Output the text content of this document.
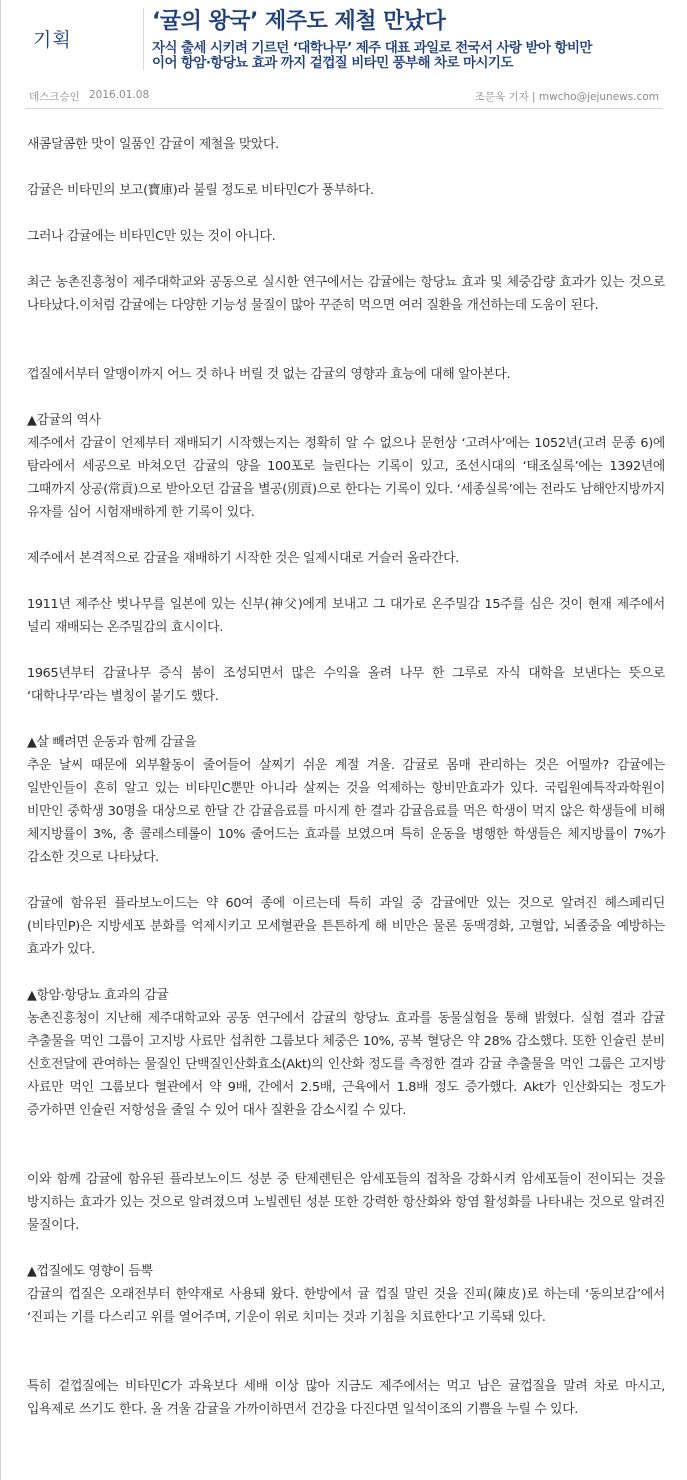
기획
‘귤의 왕국’ 제주도 제철 만났다
자식 출세 시키려 기르던 ‘대학나무’ 제주 대표 과일로 전국서 사랑 받아 항비만
이어 항암·항당뇨 효과 까지 겉껍질 비타민 풍부해 차로 마시기도
데스크승인 2016.01.08	조문욱 기자 | mwcho@jejunews.com

새콤달콤한 맛이 일품인 감귤이 제철을 맞았다.

감귤은 비타민의 보고(寶庫)라 불릴 정도로 비타민C가 풍부하다.

그러나 감귤에는 비타민C만 있는 것이 아니다.

최근 농촌진흥청이 제주대학교와 공동으로 실시한 연구에서는 감귤에는 항당뇨 효과 및 체중감량 효과가 있는 것으로 나타났다.이처럼 감귤에는 다양한 기능성 물질이 많아 꾸준히 먹으면 여러 질환을 개선하는데 도움이 된다.

껍질에서부터 알맹이까지 어느 것 하나 버릴 것 없는 감귤의 영향과 효능에 대해 알아본다.

▲감귤의 역사

제주에서 감귤이 언제부터 재배되기 시작했는지는 정확히 알 수 없으나 문헌상 ‘고려사’에는 1052년(고려 문종 6)에 탐라에서 세공으로 바쳐오던 감귤의 양을 100포로 늘린다는 기록이 있고, 조선시대의 ‘태조실록’에는 1392년에 그때까지 상공(常貢)으로 받아오던 감귤을 별공(別貢)으로 한다는 기록이 있다. ‘세종실록’에는 전라도 남해안지방까지 유자를 심어 시험재배하게 한 기록이 있다.

제주에서 본격적으로 감귤을 재배하기 시작한 것은 일제시대로 거슬러 올라간다.

1911년 제주산 벚나무를 일본에 있는 신부(神父)에게 보내고 그 대가로 온주밀감 15주를 심은 것이 현재 제주에서 널리 재배되는 온주밀감의 효시이다.

1965년부터 감귤나무 증식 붐이 조성되면서 많은 수익을 올려 나무 한 그루로 자식 대학을 보낸다는 뜻으로 ‘대학나무’라는 별칭이 붙기도 했다.

▲살 빼려면 운동과 함께 감귤을

추운 날씨 때문에 외부활동이 줄어들어 살찌기 쉬운 계절 겨울. 감귤로 몸매 관리하는 것은 어떨까? 감귤에는 일반인들이 흔히 알고 있는 비타민C뿐만 아니라 살찌는 것을 억제하는 항비만효과가 있다. 국립원예특작과학원이 비만인 중학생 30명을 대상으로 한달 간 감귤음료를 마시게 한 결과 감귤음료를 먹은 학생이 먹지 않은 학생들에 비해 체지방률이 3%, 총 콜레스테롤이 10% 줄어드는 효과를 보였으며 특히 운동을 병행한 학생들은 체지방률이 7%가 감소한 것으로 나타났다.

감귤에 함유된 플라보노이드는 약 60여 종에 이르는데 특히 과일 중 감귤에만 있는 것으로 알려진 헤스페리딘(비타민P)은 지방세포 분화를 억제시키고 모세혈관을 튼튼하게 해 비만은 물론 동맥경화, 고혈압, 뇌졸중을 예방하는 효과가 있다.

▲항암·항당뇨 효과의 감귤

농촌진흥청이 지난해 제주대학교와 공동 연구에서 감귤의 항당뇨 효과를 동물실험을 통해 밝혔다. 실험 결과 감귤 추출물을 먹인 그룹이 고지방 사료만 섭취한 그룹보다 체중은 10%, 공복 혈당은 약 28% 감소했다. 또한 인슐린 분비 신호전달에 관여하는 물질인 단백질인산화효소(Akt)의 인산화 정도를 측정한 결과 감귤 추출물을 먹인 그룹은 고지방 사료만 먹인 그룹보다 혈관에서 약 9배, 간에서 2.5배, 근육에서 1.8배 정도 증가했다. Akt가 인산화되는 정도가 증가하면 인슐린 저항성을 줄일 수 있어 대사 질환을 감소시킬 수 있다.

이와 함께 감귤에 함유된 플라보노이드 성분 중 탄제렌틴은 암세포들의 접착을 강화시켜 암세포들이 전이되는 것을 방지하는 효과가 있는 것으로 알려졌으며 노빌렌틴 성분 또한 강력한 항산화와 항염 활성화를 나타내는 것으로 알려진 물질이다.

▲껍질에도 영향이 듬뿍

감귤의 껍질은 오래전부터 한약재로 사용돼 왔다. 한방에서 귤 껍질 말린 것을 진피(陳皮)로 하는데 ‘동의보감’에서 ‘진피는 기를 다스리고 위를 열어주며, 기운이 위로 치미는 것과 기침을 치료한다’고 기록돼 있다.

특히 겉껍질에는 비타민C가 과육보다 세배 이상 많아 지금도 제주에서는 먹고 남은 귤껍질을 말려 차로 마시고, 입욕제로 쓰기도 한다. 올 겨울 감귤을 가까이하면서 건강을 다진다면 일석이조의 기쁨을 누릴 수 있다.
